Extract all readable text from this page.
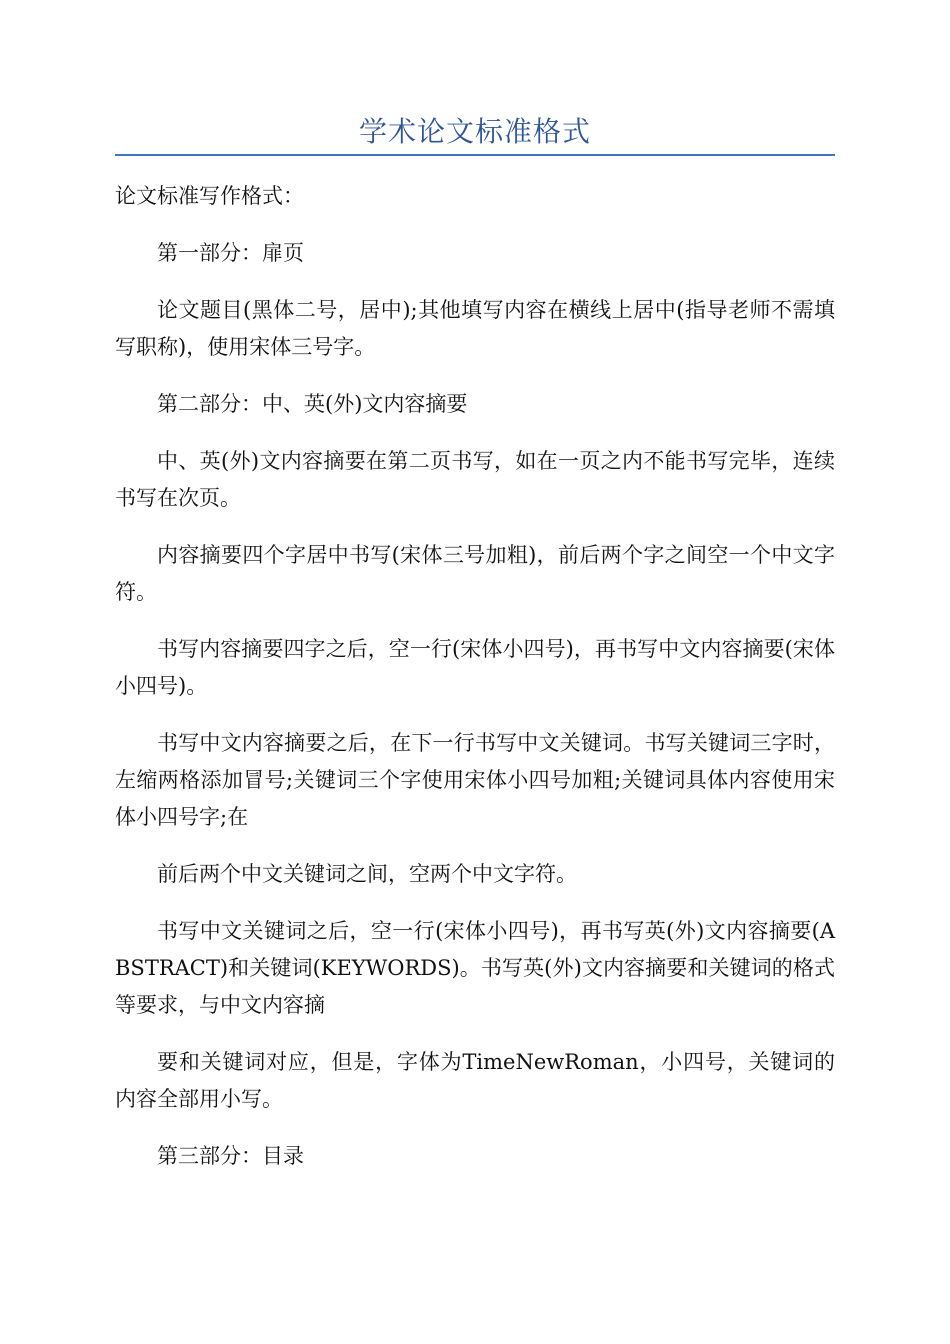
学术论文标准格式

论文标准写作格式：

第一部分：扉页

论文题目(黑体二号，居中);其他填写内容在横线上居中(指导老师不需填写职称)，使用宋体三号字。

第二部分：中、英(外)文内容摘要

中、英(外)文内容摘要在第二页书写，如在一页之内不能书写完毕，连续书写在次页。

内容摘要四个字居中书写(宋体三号加粗)，前后两个字之间空一个中文字符。

书写内容摘要四字之后，空一行(宋体小四号)，再书写中文内容摘要(宋体小四号)。

书写中文内容摘要之后，在下一行书写中文关键词。书写关键词三字时，左缩两格添加冒号;关键词三个字使用宋体小四号加粗;关键词具体内容使用宋体小四号字;在

前后两个中文关键词之间，空两个中文字符。

书写中文关键词之后，空一行(宋体小四号)，再书写英(外)文内容摘要(ABSTRACT)和关键词(KEYWORDS)。书写英(外)文内容摘要和关键词的格式等要求，与中文内容摘

要和关键词对应，但是，字体为TimeNewRoman，小四号，关键词的内容全部用小写。

第三部分：目录
